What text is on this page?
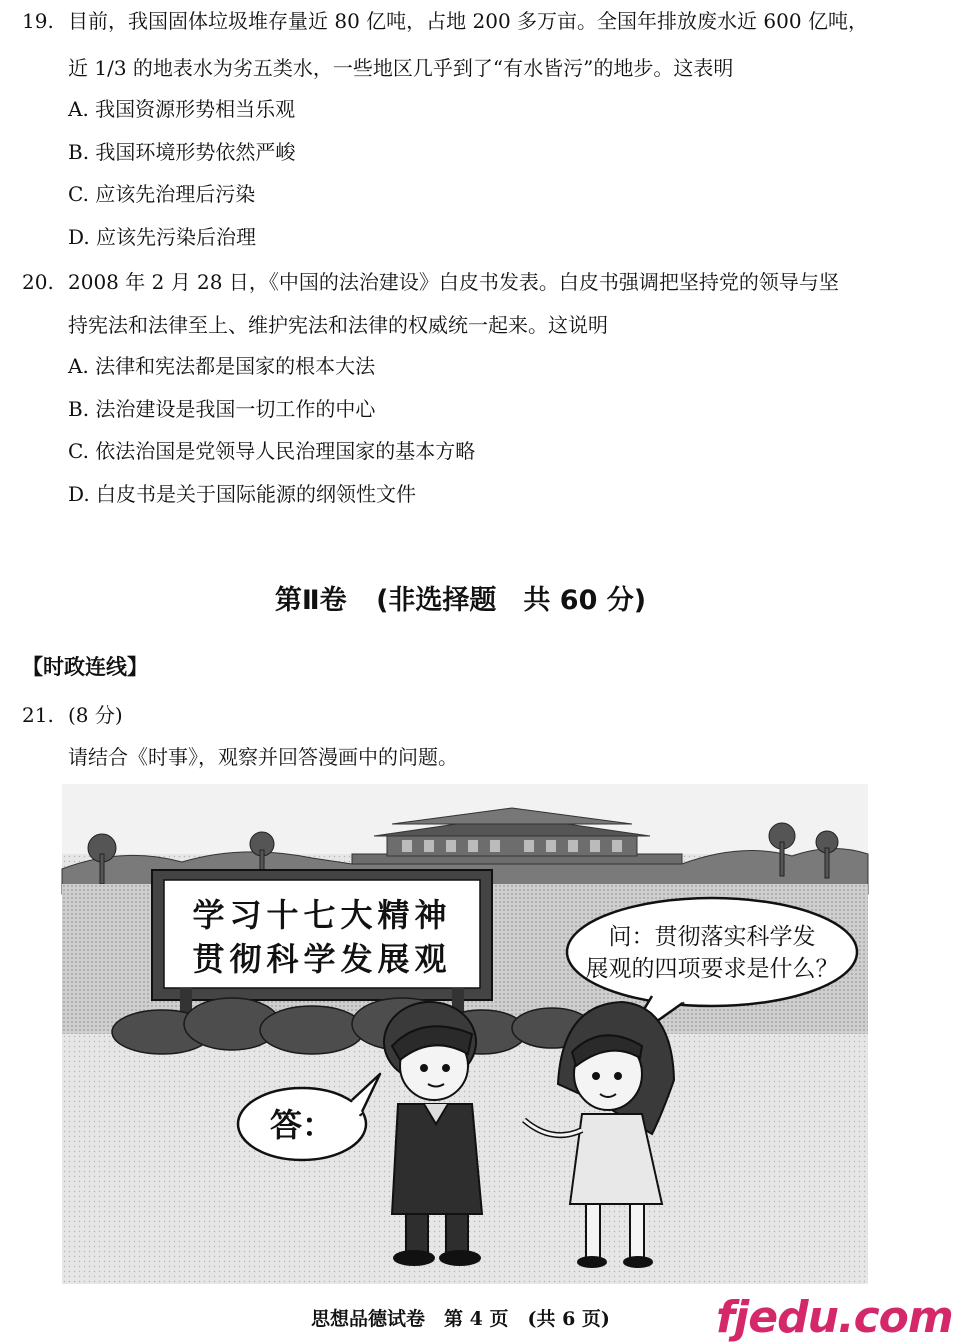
19. 目前，我国固体垃圾堆存量近 80 亿吨，占地 200 多万亩。全国年排放废水近 600 亿吨，
近 1/3 的地表水为劣五类水，一些地区几乎到了“有水皆污”的地步。这表明
A. 我国资源形势相当乐观
B. 我国环境形势依然严峻
C. 应该先治理后污染
D. 应该先污染后治理
20. 2008 年 2 月 28 日，《中国的法治建设》白皮书发表。白皮书强调把坚持党的领导与坚
持宪法和法律至上、维护宪法和法律的权威统一起来。这说明
A. 法律和宪法都是国家的根本大法
B. 法治建设是我国一切工作的中心
C. 依法治国是党领导人民治理国家的基本方略
D. 白皮书是关于国际能源的纲领性文件
第Ⅱ卷 (非选择题　共 60 分)
【时政连线】
21. (8 分)
请结合《时事》，观察并回答漫画中的问题。
学习十七大精神
贯彻科学发展观
问：贯彻落实科学发
展观的四项要求是什么？
答：
思想品德试卷　第 4 页　(共 6 页)	fjedu.com
